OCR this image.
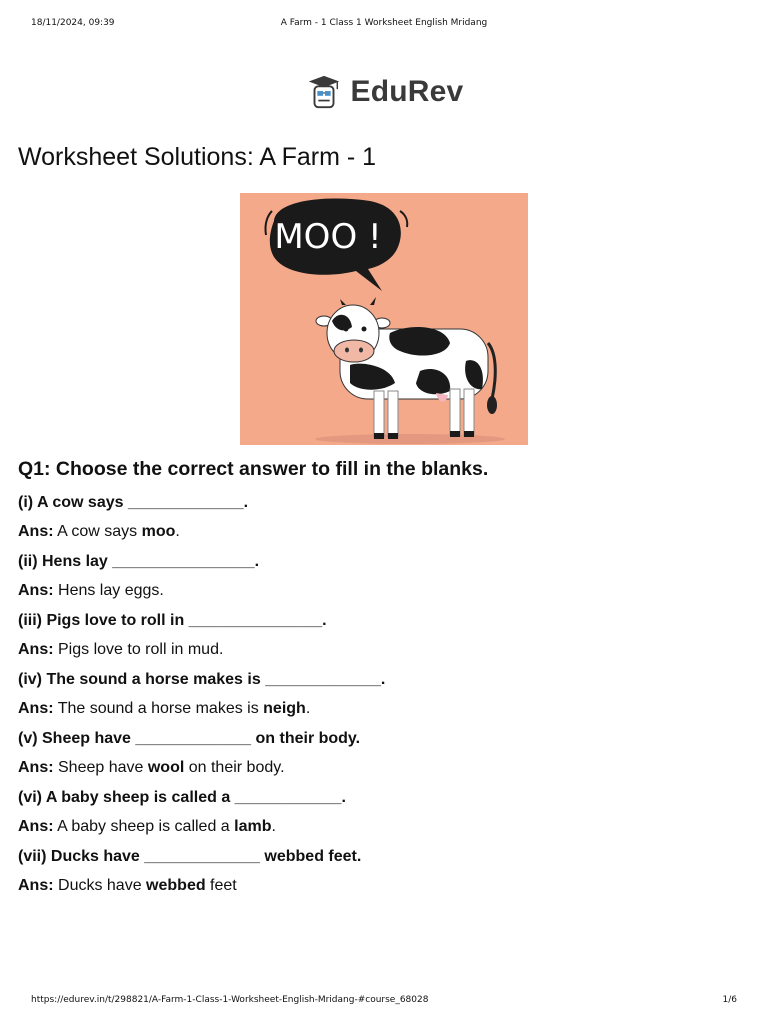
18/11/2024, 09:39	A Farm - 1 Class 1 Worksheet English Mridang
EduRev
Worksheet Solutions: A Farm - 1
MOO !
Q1: Choose the correct answer to fill in the blanks.
(i) A cow says _____________.
Ans: A cow says moo.
(ii) Hens lay ________________.
Ans: Hens lay eggs.
(iii) Pigs love to roll in _______________.
Ans: Pigs love to roll in mud.
(iv) The sound a horse makes is _____________.
Ans: The sound a horse makes is neigh.
(v) Sheep have _____________ on their body.
Ans: Sheep have wool on their body.
(vi) A baby sheep is called a ____________.
Ans: A baby sheep is called a lamb.
(vii) Ducks have _____________ webbed feet.
Ans: Ducks have webbed feet
https://edurev.in/t/298821/A-Farm-1-Class-1-Worksheet-English-Mridang-#course_68028	1/6
